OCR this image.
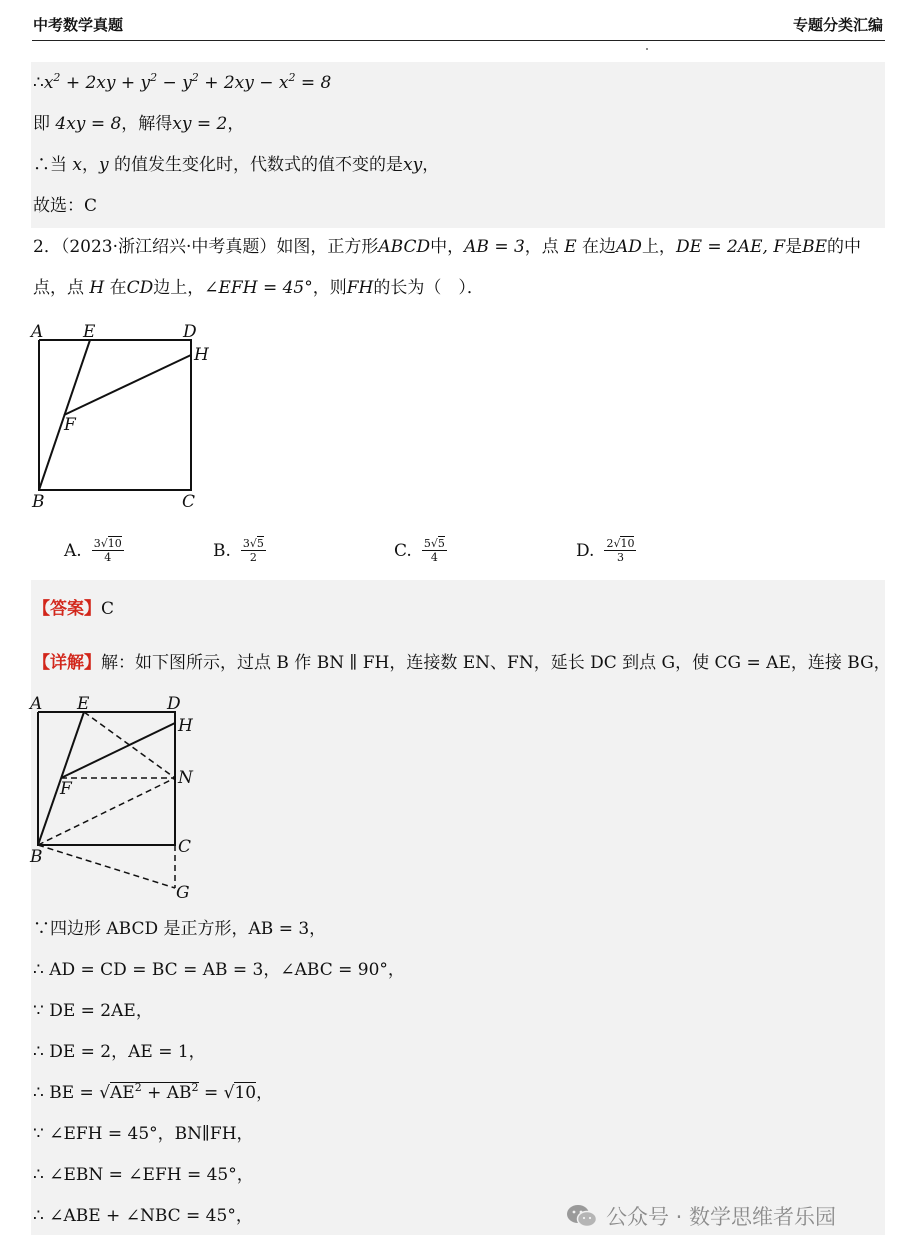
中考数学真题	专题分类汇编
$\therefore x^2 + 2xy + y^2 - y^2 + 2xy - x^2 = 8$
即 4xy = 8，解得xy = 2，
∴当 x，y 的值发生变化时，代数式的值不变的是xy，
故选：C
2．（2023·浙江绍兴·中考真题）如图，正方形ABCD中，AB = 3，点 E 在边AD上，DE = 2AE, F是BE的中
点，点 H 在CD边上，∠EFH = 45°，则FH的长为（　）．
A E	D
H
F
B	C
A. $\frac{3√10}{4}$	B. $\frac{3√5}{2}$	C. $\frac{5√5}{4}$	D. $\frac{2√10}{3}$
【答案】C
【详解】解：如下图所示，过点 B 作 BN ∥ FH，连接数 EN、FN，延长 DC 到点 G，使 CG = AE，连接 BG，
A E	D
H
N
F
B	C
G
∵四边形 ABCD 是正方形，AB = 3，
∴ AD = CD = BC = AB = 3，∠ABC = 90°，
∵ DE = 2AE，
∴ DE = 2，AE = 1，
∴ BE = $√AE^2 + AB^2 = √10$，
∵ ∠EFH = 45°，BN∥FH，
∴ ∠EBN = ∠EFH = 45°，
∴ ∠ABE + ∠NBC = 45°，	公众号 · 数学思维者乐园
